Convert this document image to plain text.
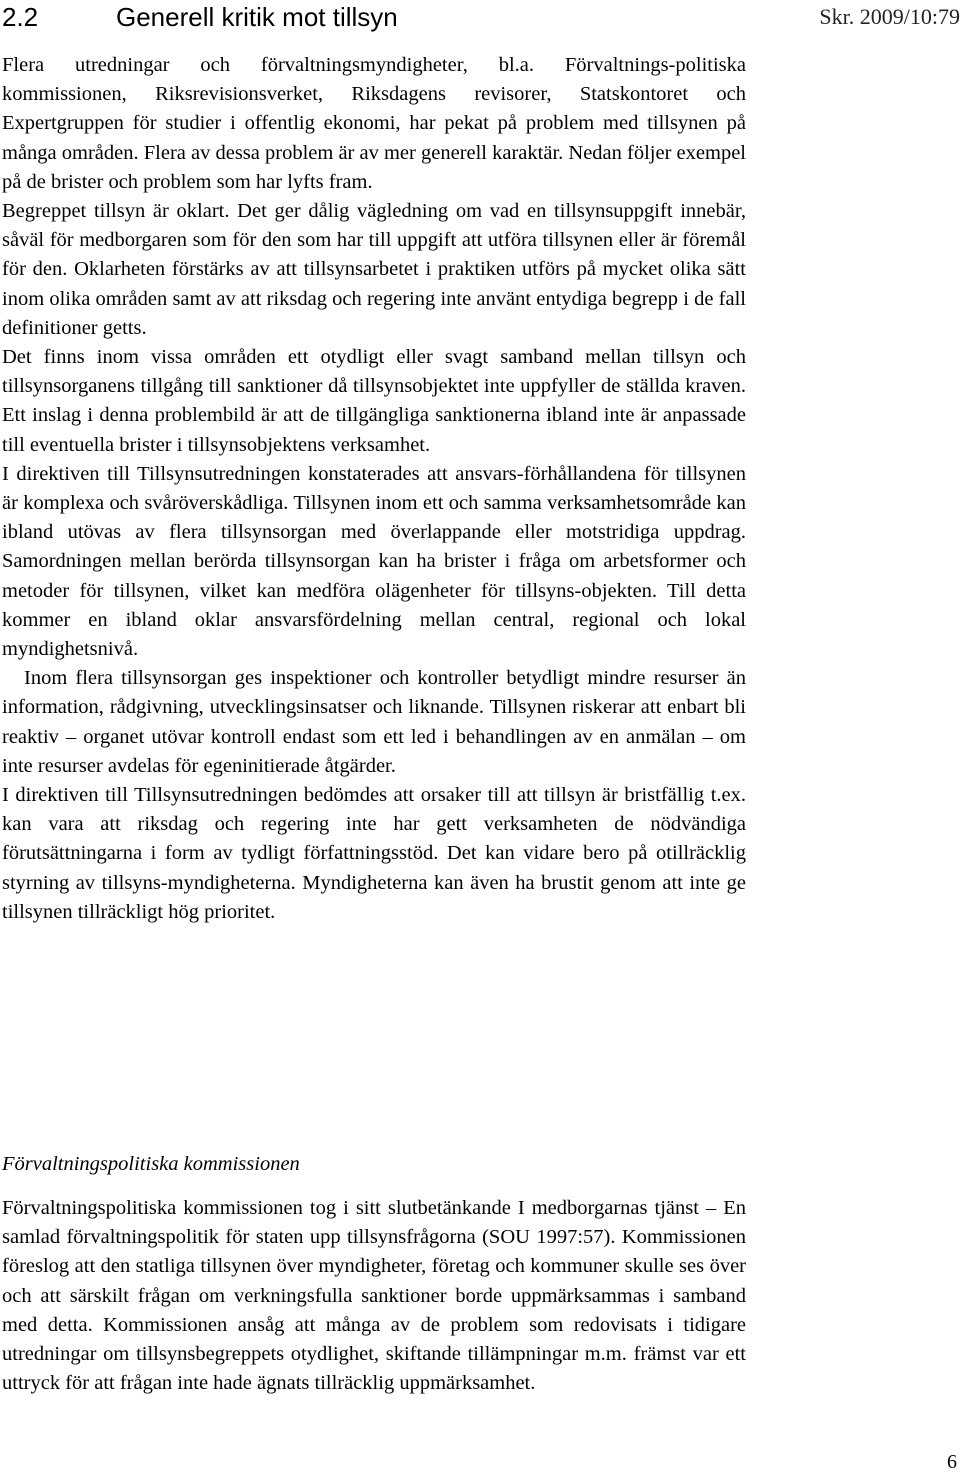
2.2	Generell kritik mot tillsyn	Skr. 2009/10:79

Flera utredningar och förvaltningsmyndigheter, bl.a. Förvaltnings-politiska kommissionen, Riksrevisionsverket, Riksdagens revisorer, Statskontoret och Expertgruppen för studier i offentlig ekonomi, har pekat på problem med tillsynen på många områden. Flera av dessa problem är av mer generell karaktär. Nedan följer exempel på de brister och problem som har lyfts fram.

Begreppet tillsyn är oklart. Det ger dålig vägledning om vad en tillsynsuppgift innebär, såväl för medborgaren som för den som har till uppgift att utföra tillsynen eller är föremål för den. Oklarheten förstärks av att tillsynsarbetet i praktiken utförs på mycket olika sätt inom olika områden samt av att riksdag och regering inte använt entydiga begrepp i de fall definitioner getts.

Det finns inom vissa områden ett otydligt eller svagt samband mellan tillsyn och tillsynsorganens tillgång till sanktioner då tillsynsobjektet inte uppfyller de ställda kraven. Ett inslag i denna problembild är att de tillgängliga sanktionerna ibland inte är anpassade till eventuella brister i tillsynsobjektens verksamhet.

I direktiven till Tillsynsutredningen konstaterades att ansvars-förhållandena för tillsynen är komplexa och svåröverskådliga. Tillsynen inom ett och samma verksamhetsområde kan ibland utövas av flera tillsynsorgan med överlappande eller motstridiga uppdrag. Samordningen mellan berörda tillsynsorgan kan ha brister i fråga om arbetsformer och metoder för tillsynen, vilket kan medföra olägenheter för tillsyns-objekten. Till detta kommer en ibland oklar ansvarsfördelning mellan central, regional och lokal myndighetsnivå.

Inom flera tillsynsorgan ges inspektioner och kontroller betydligt mindre resurser än information, rådgivning, utvecklingsinsatser och liknande. Tillsynen riskerar att enbart bli reaktiv – organet utövar kontroll endast som ett led i behandlingen av en anmälan – om inte resurser avdelas för egeninitierade åtgärder.

I direktiven till Tillsynsutredningen bedömdes att orsaker till att tillsyn är bristfällig t.ex. kan vara att riksdag och regering inte har gett verksamheten de nödvändiga förutsättningarna i form av tydligt författningsstöd. Det kan vidare bero på otillräcklig styrning av tillsyns-myndigheterna. Myndigheterna kan även ha brustit genom att inte ge tillsynen tillräckligt hög prioritet.

Förvaltningspolitiska kommissionen

Förvaltningspolitiska kommissionen tog i sitt slutbetänkande I medborgarnas tjänst – En samlad förvaltningspolitik för staten upp tillsynsfrågorna (SOU 1997:57). Kommissionen föreslog att den statliga tillsynen över myndigheter, företag och kommuner skulle ses över och att särskilt frågan om verkningsfulla sanktioner borde uppmärksammas i samband med detta. Kommissionen ansåg att många av de problem som redovisats i tidigare utredningar om tillsynsbegreppets otydlighet, skiftande tillämpningar m.m. främst var ett uttryck för att frågan inte hade ägnats tillräcklig uppmärksamhet.

6
